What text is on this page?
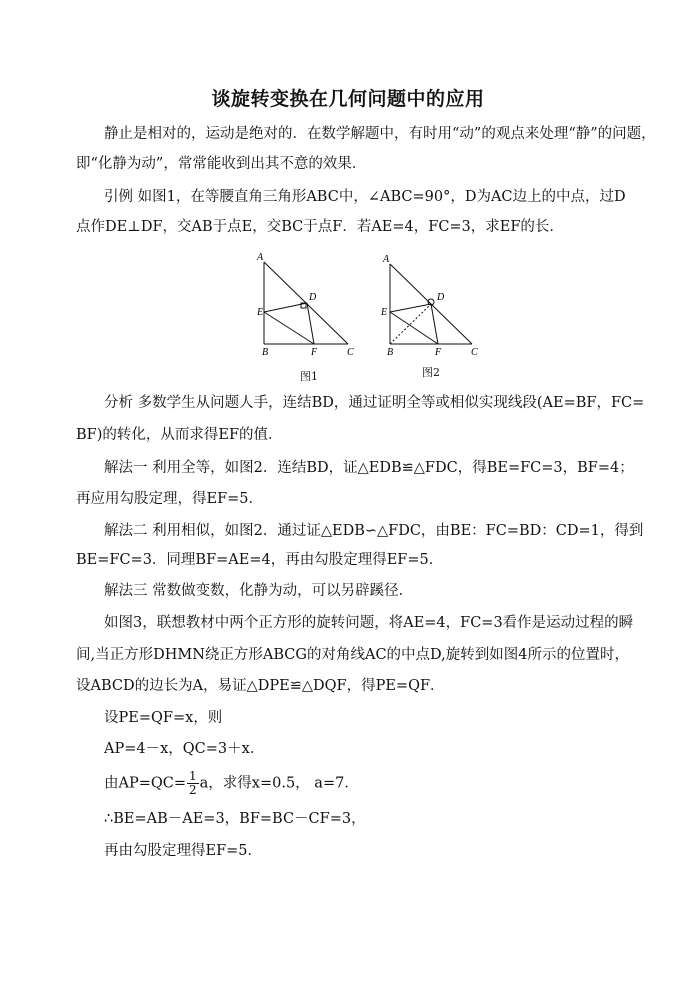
谈旋转变换在几何问题中的应用
静止是相对的，运动是绝对的．在数学解题中，有时用“动”的观点来处理“静”的问题，
即“化静为动”，常常能收到出其不意的效果．
引例 如图1，在等腰直角三角形ABC中，∠ABC=90°，D为AC边上的中点，过D
点作DE⊥DF，交AB于点E，交BC于点F．若AE=4，FC=3，求EF的长．
A
E
D
B	F	C
图1
A
E
D
B	F	C
图2
分析 多数学生从问题人手，连结BD，通过证明全等或相似实现线段(AE=BF，FC=
BF)的转化，从而求得EF的值．
解法一 利用全等，如图2．连结BD，证△EDB≌△FDC，得BE=FC=3，BF=4；
再应用勾股定理，得EF=5．
解法二 利用相似，如图2．通过证△EDB∽△FDC，由BE：FC=BD：CD=1，得到
BE=FC=3．同理BF=AE=4，再由勾股定理得EF=5．
解法三 常数做变数，化静为动，可以另辟蹊径．
如图3，联想教材中两个正方形的旋转问题，将AE=4，FC=3看作是运动过程的瞬
间,当正方形DHMN绕正方形ABCG的对角线AC的中点D,旋转到如图4所示的位置时，
设ABCD的边长为A，易证△DPE≌△DQF，得PE=QF．
设PE=QF=x，则
AP=4－x，QC=3＋x．
由$AP=QC= \frac{1}{2}$ a，求得x=0.5， a=7．
∴BE=AB－AE=3，BF=BC－CF=3，
再由勾股定理得EF=5．
